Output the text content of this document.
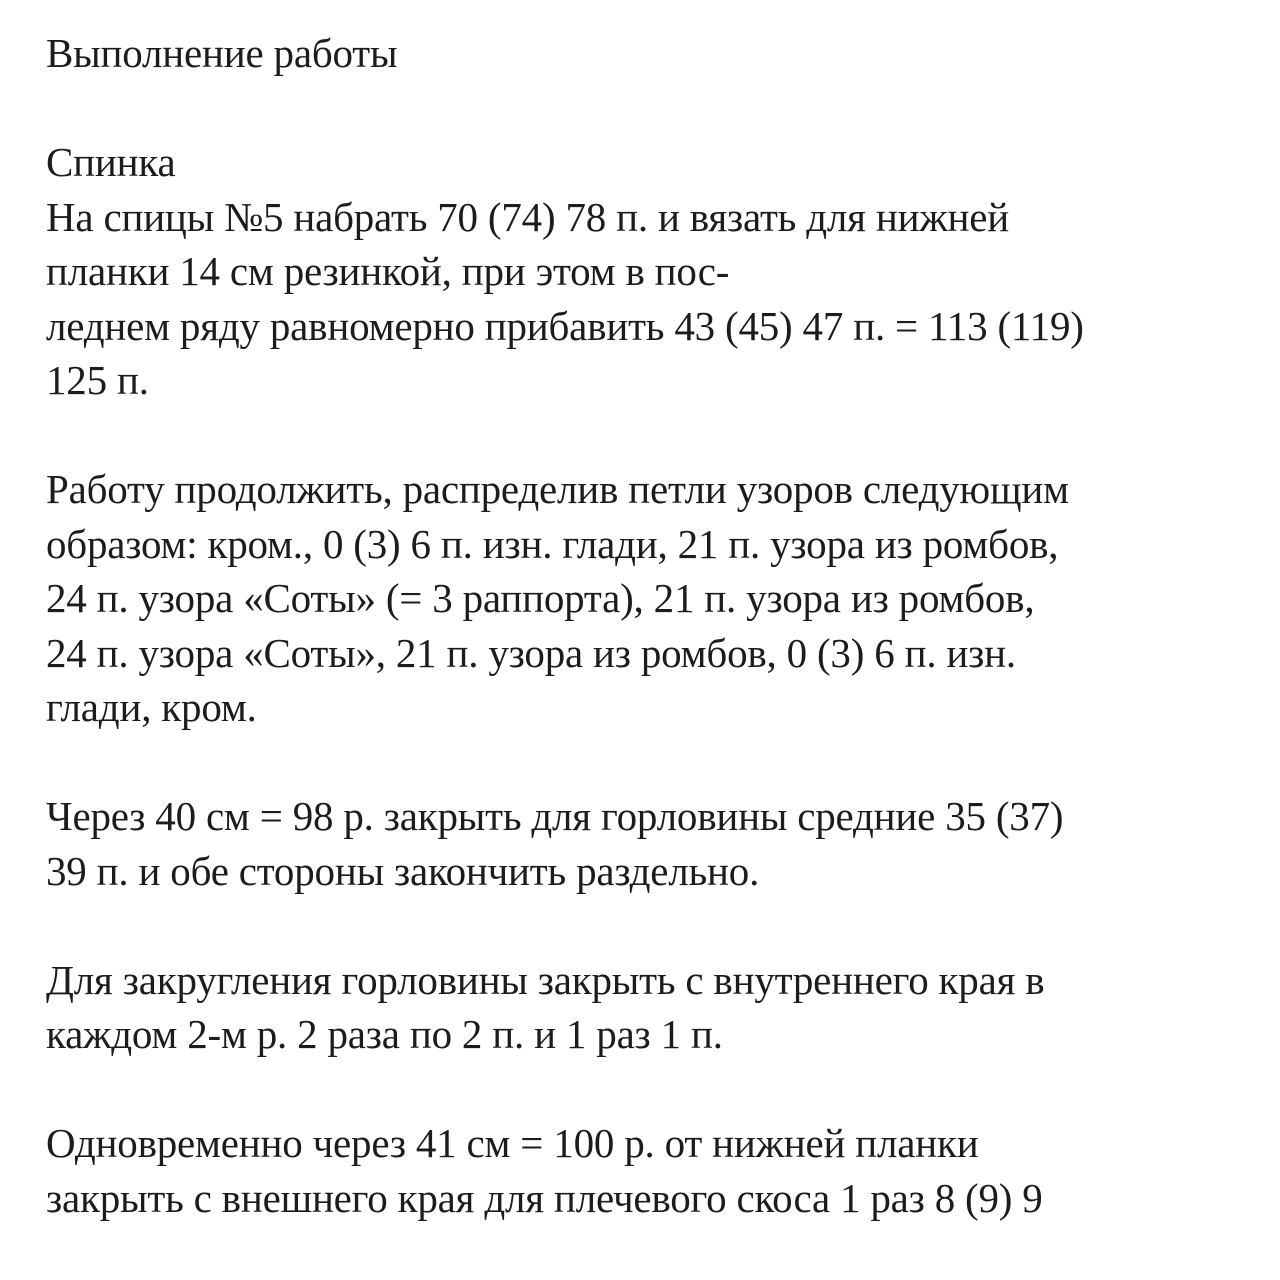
Выполнение работы
Спинка
На спицы №5 набрать 70 (74) 78 п. и вязать для нижней
планки 14 см резинкой, при этом в пос-
леднем ряду равномерно прибавить 43 (45) 47 п. = 113 (119)
125 п.
Работу продолжить, распределив петли узоров следующим
образом: кром., 0 (3) 6 п. изн. глади, 21 п. узора из ромбов,
24 п. узора «Соты» (= 3 раппорта), 21 п. узора из ромбов,
24 п. узора «Соты», 21 п. узора из ромбов, 0 (3) 6 п. изн.
глади, кром.
Через 40 см = 98 р. закрыть для горловины средние 35 (37)
39 п. и обе стороны закончить раздельно.
Для закругления горловины закрыть с внутреннего края в
каждом 2-м р. 2 раза по 2 п. и 1 раз 1 п.
Одновременно через 41 см = 100 р. от нижней планки
закрыть с внешнего края для плечевого скоса 1 раз 8 (9) 9
